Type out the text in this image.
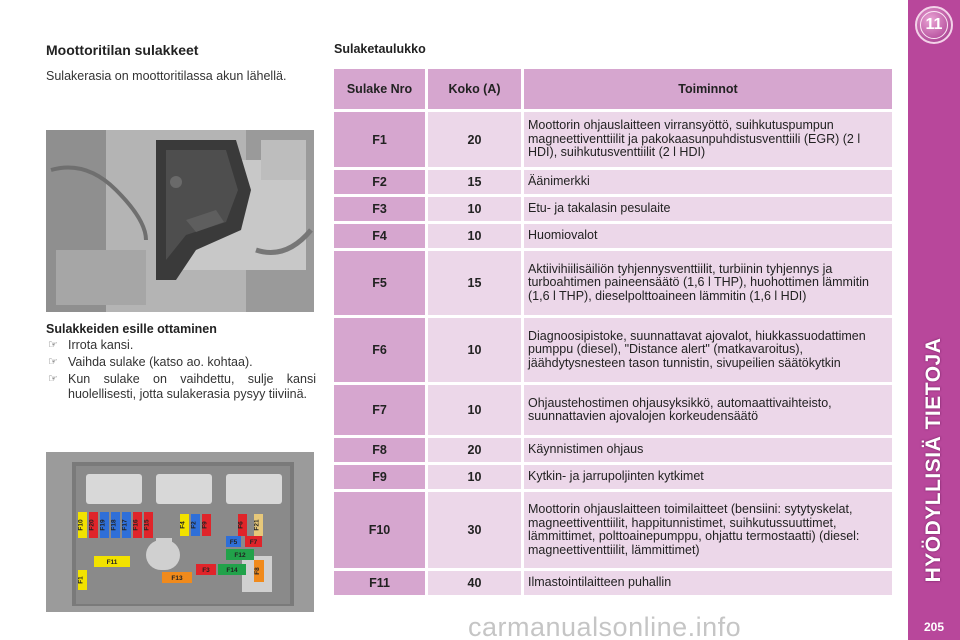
11
HYÖDYLLISIÄ TIETOJA
205
Moottoritilan sulakkeet
Sulakerasia on moottoritilassa akun lähellä.
Sulakkeiden esille ottaminen
☞ Irrota kansi.
☞ Vaihda sulake (katso ao. kohtaa).
☞ Kun sulake on vaihdettu, sulje kansi huolellisesti, jotta sulakerasia pysyy tiiviinä.
F10 F20 F19 F18 F17 F16 F15	F4 F2 F9	F21
F5 F7
F6
F12
F11
F3	F14	F8
F13
F1
Sulaketaulukko
Sulake Nro	Koko (A)	Toiminnot
F1	20	Moottorin ohjauslaitteen virransyöttö, suihkutuspumpun magneettiventtiilit ja pakokaasunpuhdistusventtiili (EGR) (2 l HDI), suihkutusventtiilit (2 l HDI)
F2	15	Äänimerkki
F3	10	Etu- ja takalasin pesulaite
F4	10	Huomiovalot
F5	15	Aktiivihiilisäiliön tyhjennysventtiilit, turbiinin tyhjennys ja turboahtimen paineensäätö (1,6 l THP), huohottimen lämmitin (1,6 l THP), dieselpolttoaineen lämmitin (1,6 l HDI)
F6	10	Diagnoosipistoke, suunnattavat ajovalot, hiukkassuodattimen pumppu (diesel), "Distance alert" (matkavaroitus), jäähdytysnesteen tason tunnistin, sivupeilien säätökytkin
F7	10	Ohjaustehostimen ohjausyksikkö, automaattivaihteisto, suunnattavien ajovalojen korkeudensäätö
F8	20	Käynnistimen ohjaus
F9	10	Kytkin- ja jarrupoljinten kytkimet
F10	30	Moottorin ohjauslaitteen toimilaitteet (bensiini: sytytyskelat, magneettiventtiilit, happitunnistimet, suihkutussuuttimet, lämmittimet, polttoainepumppu, ohjattu termostaatti) (diesel: magneettiventtiilit, lämmittimet)
F11	40	Ilmastointilaitteen puhallin
carmanualsonline.info
